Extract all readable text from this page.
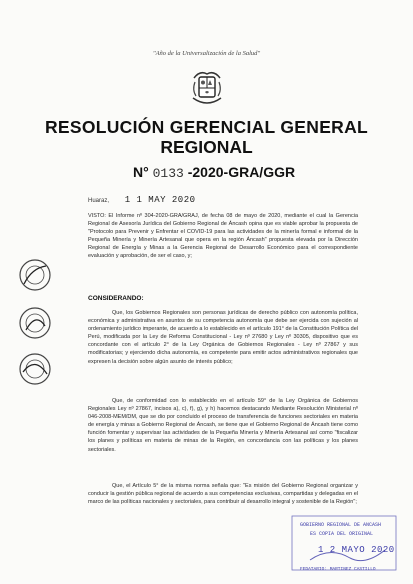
"Año de la Universalización de la Salud"
RESOLUCIÓN GERENCIAL GENERAL
REGIONAL
N° 0133 -2020-GRA/GGR
Huaraz, 1 1 MAY 2020
VISTO: El Informe nº 304-2020-GRA/GRAJ, de fecha 08 de mayo de 2020, mediante el cual la Gerencia Regional de Asesoría Jurídica del Gobierno Regional de Áncash opina que es viable aprobar la propuesta de "Protocolo para Prevenir y Enfrentar el COVID-19 para las actividades de la minería formal e informal de la Pequeña Minería y Minería Artesanal que opera en la región Áncash" propuesta elevada por la Dirección Regional de Energía y Minas a la Gerencia Regional de Desarrollo Económico para el correspondiente evaluación y aprobación, de ser el caso, y;
CONSIDERANDO:
Que, los Gobiernos Regionales son personas jurídicas de derecho público con autonomía política, económica y administrativa en asuntos de su competencia autonomía que debe ser ejercida con sujeción al ordenamiento jurídico imperante, de acuerdo a lo establecido en el artículo 191° de la Constitución Política del Perú, modificada por la Ley de Reforma Constitucional - Ley nº 27680 y Ley nº 30305, dispositivo que es concordante con el artículo 2° de la Ley Orgánica de Gobiernos Regionales - Ley nº 27867 y sus modificatorias; y ejerciendo dicha autonomía, es competente para emitir actos administrativos regionales que expresen la decisión sobre algún asunto de interés público;
Que, de conformidad con lo establecido en el artículo 59° de la Ley Orgánica de Gobiernos Regionales Ley nº 27867, incisos a), c), f), g), y h) hacemos destacando Mediante Resolución Ministerial nº 046-2008-MEM/DM, que se dio por concluido el proceso de transferencia de funciones sectoriales en materia de energía y minas a Gobierno Regional de Áncash, se tiene que el Gobierno Regional de Áncash tiene como función fomentar y supervisar las actividades de la Pequeña Minería y Minería Artesanal así como "fiscalizar los planes y políticas en materia de minas de la Región, en concordancia con las políticas y los planes sectoriales.
Que, el Artículo 5° de la misma norma señala que: "Es misión del Gobierno Regional organizar y conducir la gestión pública regional de acuerdo a sus competencias exclusivas, compartidas y delegadas en el marco de las políticas nacionales y sectoriales, para contribuir al desarrollo integral y sostenible de la Región";
GOBIERNO REGIONAL DE ANCASH
ES COPIA DEL ORIGINAL
1 2 MAYO 2020
FEDATARIO: MARTINEZ CASTILLO
